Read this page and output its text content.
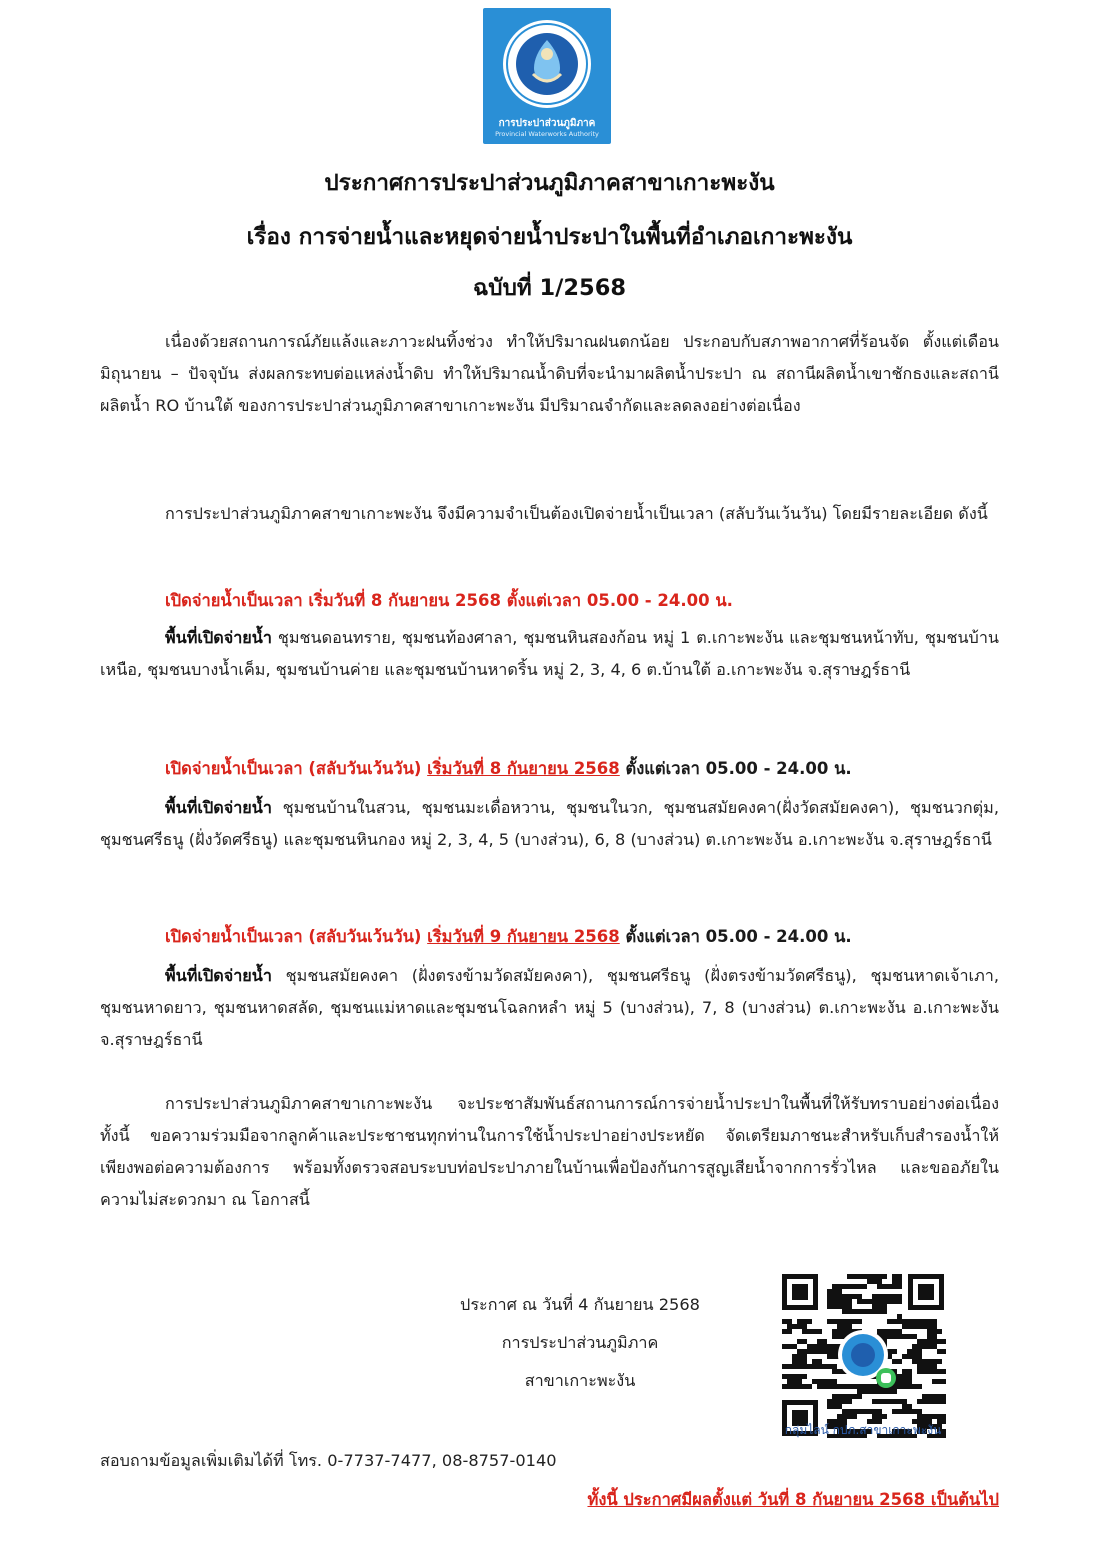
การประปาส่วนภูมิภาค
Provincial Waterworks Authority
ประกาศการประปาส่วนภูมิภาคสาขาเกาะพะงัน
เรื่อง การจ่ายน้ำและหยุดจ่ายน้ำประปาในพื้นที่อำเภอเกาะพะงัน
ฉบับที่ 1/2568
เนื่องด้วยสถานการณ์ภัยแล้งและภาวะฝนทิ้งช่วง ทำให้ปริมาณฝนตกน้อย ประกอบกับสภาพอากาศที่ร้อนจัด ตั้งแต่เดือน มิถุนายน – ปัจจุบัน ส่งผลกระทบต่อแหล่งน้ำดิบ ทำให้ปริมาณน้ำดิบที่จะนำมาผลิตน้ำประปา ณ สถานีผลิตน้ำเขาชักธงและสถานีผลิตน้ำ RO บ้านใต้ ของการประปาส่วนภูมิภาคสาขาเกาะพะงัน มีปริมาณจำกัดและลดลงอย่างต่อเนื่อง
การประปาส่วนภูมิภาคสาขาเกาะพะงัน จึงมีความจำเป็นต้องเปิดจ่ายน้ำเป็นเวลา (สลับวันเว้นวัน) โดยมีรายละเอียด ดังนี้
เปิดจ่ายน้ำเป็นเวลา เริ่มวันที่ 8 กันยายน 2568 ตั้งแต่เวลา 05.00 - 24.00 น.
พื้นที่เปิดจ่ายน้ำ ชุมชนดอนทราย, ชุมชนท้องศาลา, ชุมชนหินสองก้อน หมู่ 1 ต.เกาะพะงัน และชุมชนหน้าทับ, ชุมชนบ้านเหนือ, ชุมชนบางน้ำเค็ม, ชุมชนบ้านค่าย และชุมชนบ้านหาดริ้น หมู่ 2, 3, 4, 6 ต.บ้านใต้ อ.เกาะพะงัน จ.สุราษฎร์ธานี
เปิดจ่ายน้ำเป็นเวลา (สลับวันเว้นวัน) เริ่มวันที่ 8 กันยายน 2568 ตั้งแต่เวลา 05.00 - 24.00 น.
พื้นที่เปิดจ่ายน้ำ ชุมชนบ้านในสวน, ชุมชนมะเดื่อหวาน, ชุมชนในวก, ชุมชนสมัยคงคา(ฝั่งวัดสมัยคงคา), ชุมชนวกตุ่ม, ชุมชนศรีธนู (ฝั่งวัดศรีธนู) และชุมชนหินกอง หมู่ 2, 3, 4, 5 (บางส่วน), 6, 8 (บางส่วน) ต.เกาะพะงัน อ.เกาะพะงัน จ.สุราษฎร์ธานี
เปิดจ่ายน้ำเป็นเวลา (สลับวันเว้นวัน) เริ่มวันที่ 9 กันยายน 2568 ตั้งแต่เวลา 05.00 - 24.00 น.
พื้นที่เปิดจ่ายน้ำ ชุมชนสมัยคงคา (ฝั่งตรงข้ามวัดสมัยคงคา), ชุมชนศรีธนู (ฝั่งตรงข้ามวัดศรีธนู), ชุมชนหาดเจ้าเภา, ชุมชนหาดยาว, ชุมชนหาดสลัด, ชุมชนแม่หาดและชุมชนโฉลกหลำ หมู่ 5 (บางส่วน), 7, 8 (บางส่วน) ต.เกาะพะงัน อ.เกาะพะงัน จ.สุราษฎร์ธานี
การประปาส่วนภูมิภาคสาขาเกาะพะงัน จะประชาสัมพันธ์สถานการณ์การจ่ายน้ำประปาในพื้นที่ให้รับทราบอย่างต่อเนื่อง ทั้งนี้ ขอความร่วมมือจากลูกค้าและประชาชนทุกท่านในการใช้น้ำประปาอย่างประหยัด จัดเตรียมภาชนะสำหรับเก็บสำรองน้ำให้เพียงพอต่อความต้องการ พร้อมทั้งตรวจสอบระบบท่อประปาภายในบ้านเพื่อป้องกันการสูญเสียน้ำจากการรั่วไหล และขออภัยในความไม่สะดวกมา ณ โอกาสนี้
ประกาศ ณ วันที่ 4 กันยายน 2568
การประปาส่วนภูมิภาค
สาขาเกาะพะงัน
กลุ่มไลน์ กปภ.สาขาเกาะพะงัน
สอบถามข้อมูลเพิ่มเติมได้ที่ โทร. 0-7737-7477, 08-8757-0140
ทั้งนี้ ประกาศมีผลตั้งแต่ วันที่ 8 กันยายน 2568 เป็นต้นไป
